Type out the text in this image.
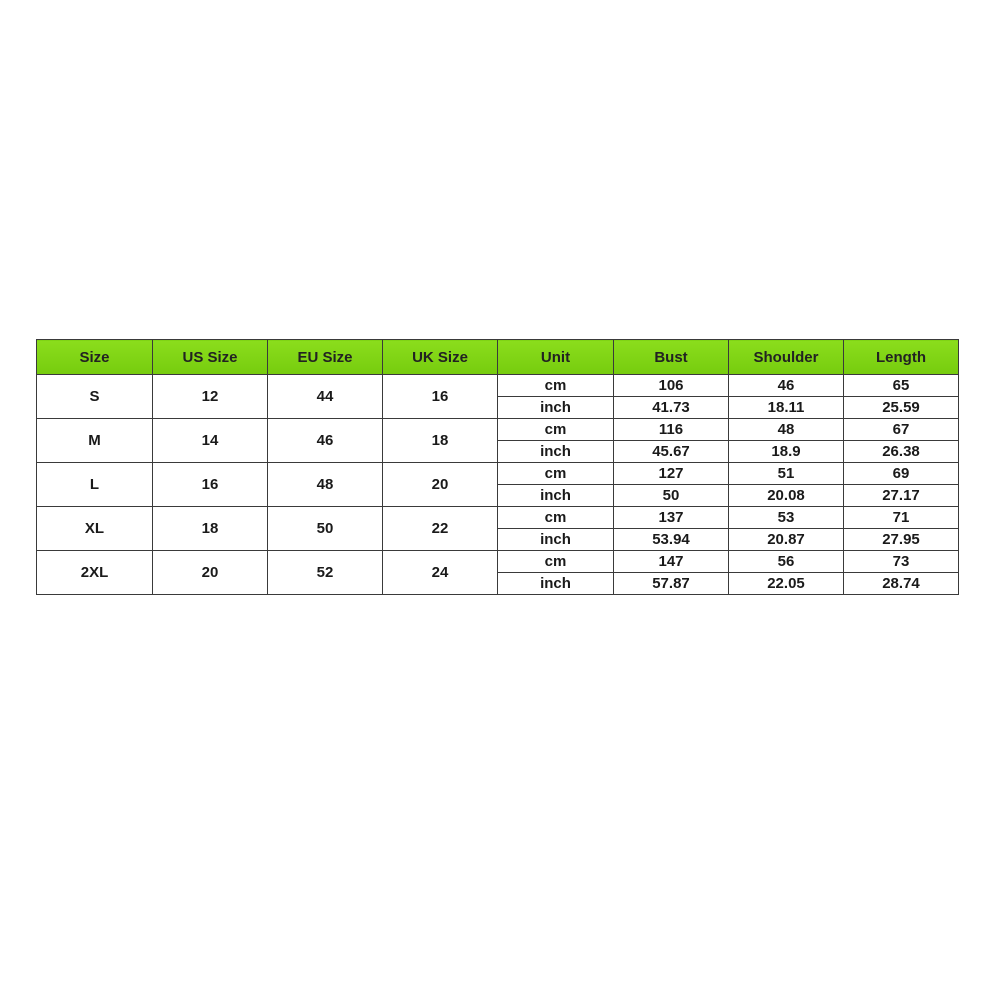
Size	US Size	EU Size	UK Size	Unit	Bust	Shoulder	Length
S	12	44	16	cm	106	46	65
				inch	41.73	18.11	25.59
M	14	46	18	cm	116	48	67
				inch	45.67	18.9	26.38
L	16	48	20	cm	127	51	69
				inch	50	20.08	27.17
XL	18	50	22	cm	137	53	71
				inch	53.94	20.87	27.95
2XL	20	52	24	cm	147	56	73
				inch	57.87	22.05	28.74
